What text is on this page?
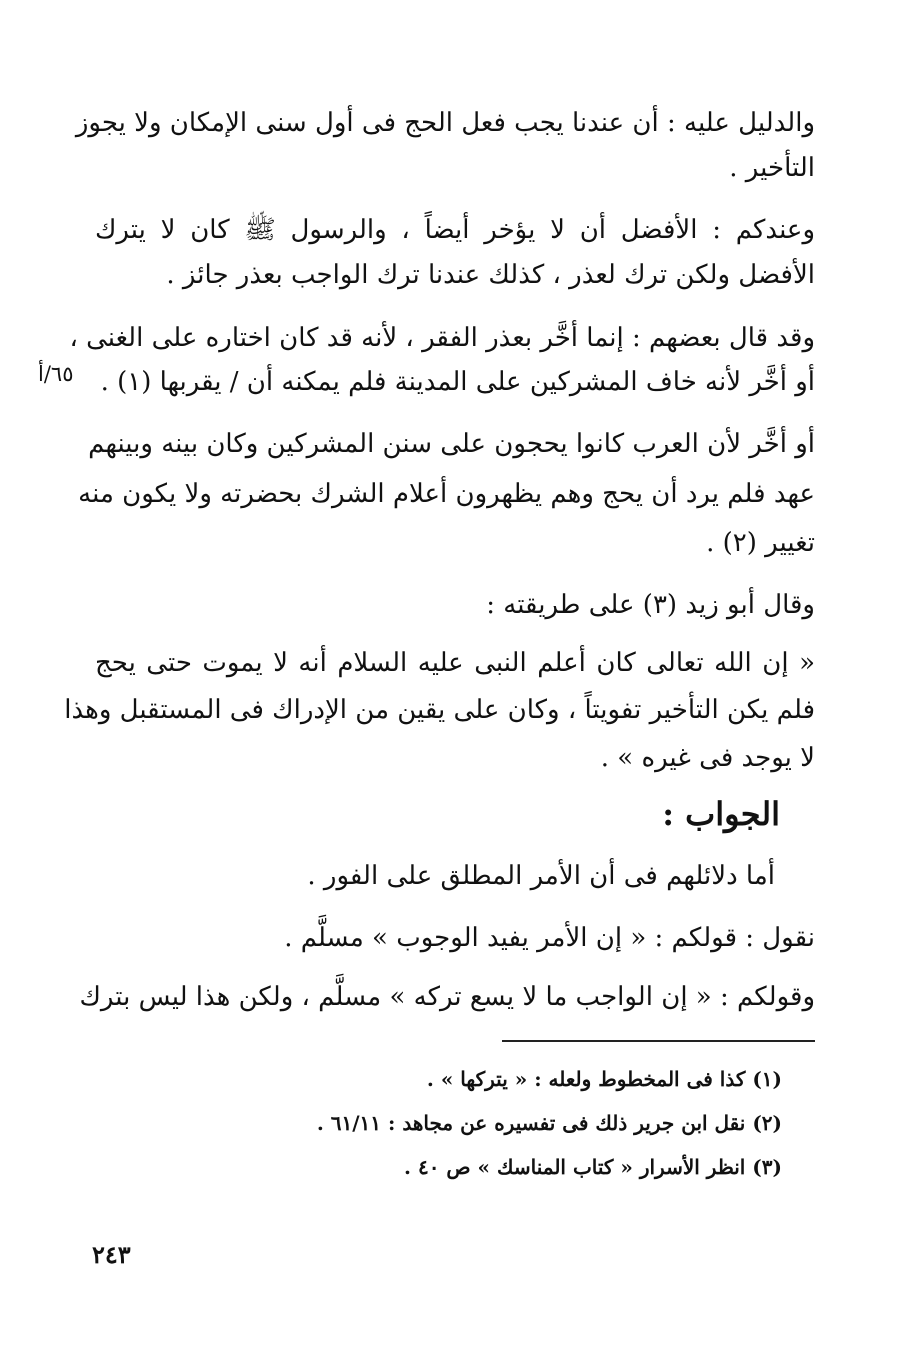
والدليل عليه : أن عندنا يجب فعل الحج فى أول سنى الإمكان ولا يجوز
التأخير .
وعندكم : الأفضل أن لا يؤخر أيضاً ، والرسول ﷺ كان لا يترك
الأفضل ولكن ترك لعذر ، كذلك عندنا ترك الواجب بعذر جائز .
وقد قال بعضهم : إنما أخَّر بعذر الفقر ، لأنه قد كان اختاره على الغنى ،
أو أخَّر لأنه خاف المشركين على المدينة فلم يمكنه أن / يقربها (١) .
٦٥/أ
أو أخَّر لأن العرب كانوا يحجون على سنن المشركين وكان بينه وبينهم
عهد فلم يرد أن يحج وهم يظهرون أعلام الشرك بحضرته ولا يكون منه
تغيير (٢) .
وقال أبو زيد (٣) على طريقته :
« إن الله تعالى كان أعلم النبى عليه السلام أنه لا يموت حتى يحج
فلم يكن التأخير تفويتاً ، وكان على يقين من الإدراك فى المستقبل وهذا
لا يوجد فى غيره » .
الجواب :
أما دلائلهم فى أن الأمر المطلق على الفور .
نقول : قولكم : « إن الأمر يفيد الوجوب » مسلَّم .
وقولكم : « إن الواجب ما لا يسع تركه » مسلَّم ، ولكن هذا ليس بترك
(١) كذا فى المخطوط ولعله : « يتركها » .
(٢) نقل ابن جرير ذلك فى تفسيره عن مجاهد : ٦١/١١ .
(٣) انظر الأسرار « كتاب المناسك » ص ٤٠ .
٢٤٣
